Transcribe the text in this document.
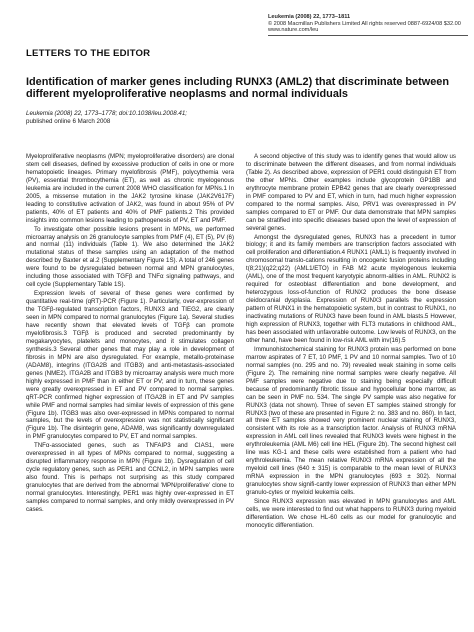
Leukemia (2008) 22, 1773–1811
© 2008 Macmillan Publishers Limited All rights reserved 0887-6924/08 $32.00
www.nature.com/leu
LETTERS TO THE EDITOR
Identification of marker genes including RUNX3 (AML2) that discriminate between different myeloproliferative neoplasms and normal individuals
Leukemia (2008) 22, 1773–1778; doi:10.1038/leu.2008.41;
published online 6 March 2008

Myeloproliferative neoplasms (MPN; myeloproliferative disorders) are clonal stem cell diseases, defined by excessive production of cells in one or more hematopoietic lineages. Primary myelofibrosis (PMF), polycythemia vera (PV), essential thrombocythemia (ET), as well as chronic myelogenous leukemia are included in the current 2008 WHO classification for MPNs.1 In 2005, a missense mutation in the JAK2 tyrosine kinase (JAK2V617F) leading to constitutive activation of JAK2, was found in about 95% of PV patients, 40% of ET patients and 40% of PMF patients.2 This provided insights into common lesions leading to pathogenesis of PV, ET and PMF.

To investigate other possible lesions present in MPNs, we performed microarray analysis on 26 granulocyte samples from PMF (4), ET (5), PV (6) and normal (11) individuals (Table 1). We also determined the JAK2 mutational status of these samples using an adaptation of the method described by Baxter et al.2 (Supplementary Figure 1S). A total of 246 genes were found to be dysregulated between normal and MPN granulocytes, including those associated with TGFβ and TNFα signaling pathways, and cell cycle (Supplementary Table 1S).

Expression levels of several of these genes were confirmed by quantitative real-time (qRT)-PCR (Figure 1). Particularly, over-expression of the TGFβ-regulated transcription factors, RUNX3 and TIEG2, are clearly seen in MPN compared to normal granulocytes (Figure 1a). Several studies have recently shown that elevated levels of TGFβ can promote myelofibrosis.3 TGFβ is produced and secreted predominantly by megakaryocytes, platelets and monocytes, and it stimulates collagen synthesis.3 Several other genes that may play a role in development of fibrosis in MPN are also dysregulated. For example, metallo-proteinase (ADAM8), integrins (ITGA2B and ITGB3) and anti-metastasis-associated genes (NME2). ITGA2B and ITGB3 by microarray analysis were much more highly expressed in PMF than in either ET or PV; and in turn, these genes were greatly overexpressed in ET and PV compared to normal samples. qRT-PCR confirmed higher expression of ITGA2B in ET and PV samples while PMF and normal samples had similar levels of expression of this gene (Figure 1b). ITGB3 was also over-expressed in MPNs compared to normal samples, but the levels of overexpression was not statistically significant (Figure 1b). The disintegrin gene, ADAM8, was significantly downregulated in PMF granulocytes compared to PV, ET and normal samples.

TNFα-associated genes, such as TNFAIP3 and CIAS1, were overexpressed in all types of MPNs compared to normal, suggesting a disrupted inflammatory response in MPN (Figure 1b). Dysregulation of cell cycle regulatory genes, such as PER1 and CCNL2, in MPN samples were also found. This is perhaps not surprising as this study compared granulocytes that are derived from the abnormal 'MPN/proliferative' clone to normal granulocytes. Interestingly, PER1 was highly over-expressed in ET samples compared to normal samples, and only mildly overexpressed in PV cases.

A second objective of this study was to identify genes that would allow us to discriminate between the different diseases, and from normal individuals (Table 2). As described above, expression of PER1 could distinguish ET from the other MPNs. Other examples include glycoprotein GP1BB and erythrocyte membrane protein EPB42 genes that are clearly overexpressed in PMF compared to PV and ET, which in turn, had much higher expression compared to the normal samples. Also, PRV1 was overexpressed in PV samples compared to ET or PMF. Our data demonstrate that MPN samples can be stratified into specific diseases based upon the level of expression of several genes.

Amongst the dysregulated genes, RUNX3 has a precedent in tumor biology; it and its family members are transcription factors associated with cell proliferation and differentiation.4 RUNX1 (AML1) is frequently involved in chromosomal translo-cations resulting in oncogenic fusion proteins including t(8;21)(q22;q22) (AML1/ETO) in FAB M2 acute myelogenous leukemia (AML), one of the most frequent karyotypic abnorm-alities in AML. RUNX2 is required for osteoblast differentiation and bone development, and heterozygous loss-of-function of RUNX2 produces the bone disease cleidocranial dysplasia. Expression of RUNX3 parallels the expression pattern of RUNX1 in the hematopoietic system, but in contrast to RUNX1, no inactivating mutations of RUNX3 have been found in AML blasts.5 However, high expression of RUNX3, together with FLT3 mutations in childhood AML, has been associated with unfavorable outcome. Low levels of RUNX3, on the other hand, have been found in low-risk AML with inv(16).5

Immunohistochemical staining for RUNX3 protein was performed on bone marrow aspirates of 7 ET, 10 PMF, 1 PV and 10 normal samples. Two of 10 normal samples (no. 295 and no. 79) revealed weak staining in some cells (Figure 2). The remaining nine normal samples were clearly negative. All PMF samples were negative due to staining being especially difficult because of predominantly fibrotic tissue and hypocellular bone marrow, as can be seen in PMF no. 534. The single PV sample was also negative for RUNX3 (data not shown). Three of seven ET samples stained strongly for RUNX3 (two of these are presented in Figure 2: no. 383 and no. 860). In fact, all three ET samples showed very prominent nuclear staining of RUNX3, consistent with its role as a transcription factor. Analysis of RUNX3 mRNA expression in AML cell lines revealed that RUNX3 levels were highest in the erythroleukemia (AML M6) cell line HEL (Figure 2b). The second highest cell line was KG-1 and these cells were established from a patient who had erythroleukemia. The mean relative RUNX3 mRNA expression of all the myeloid cell lines (640 ± 315) is comparable to the mean level of RUNX3 mRNA expression in the MPN granulocytes (693 ± 302). Normal granulocytes show signifi-cantly lower expression of RUNX3 than either MPN granulo-cytes or myeloid leukemia cells.

Since RUNX3 expression was elevated in MPN granulocytes and AML cells, we were interested to find out what happens to RUNX3 during myeloid differentiation. We chose HL-60 cells as our model for granulocytic and monocytic differentiation.
